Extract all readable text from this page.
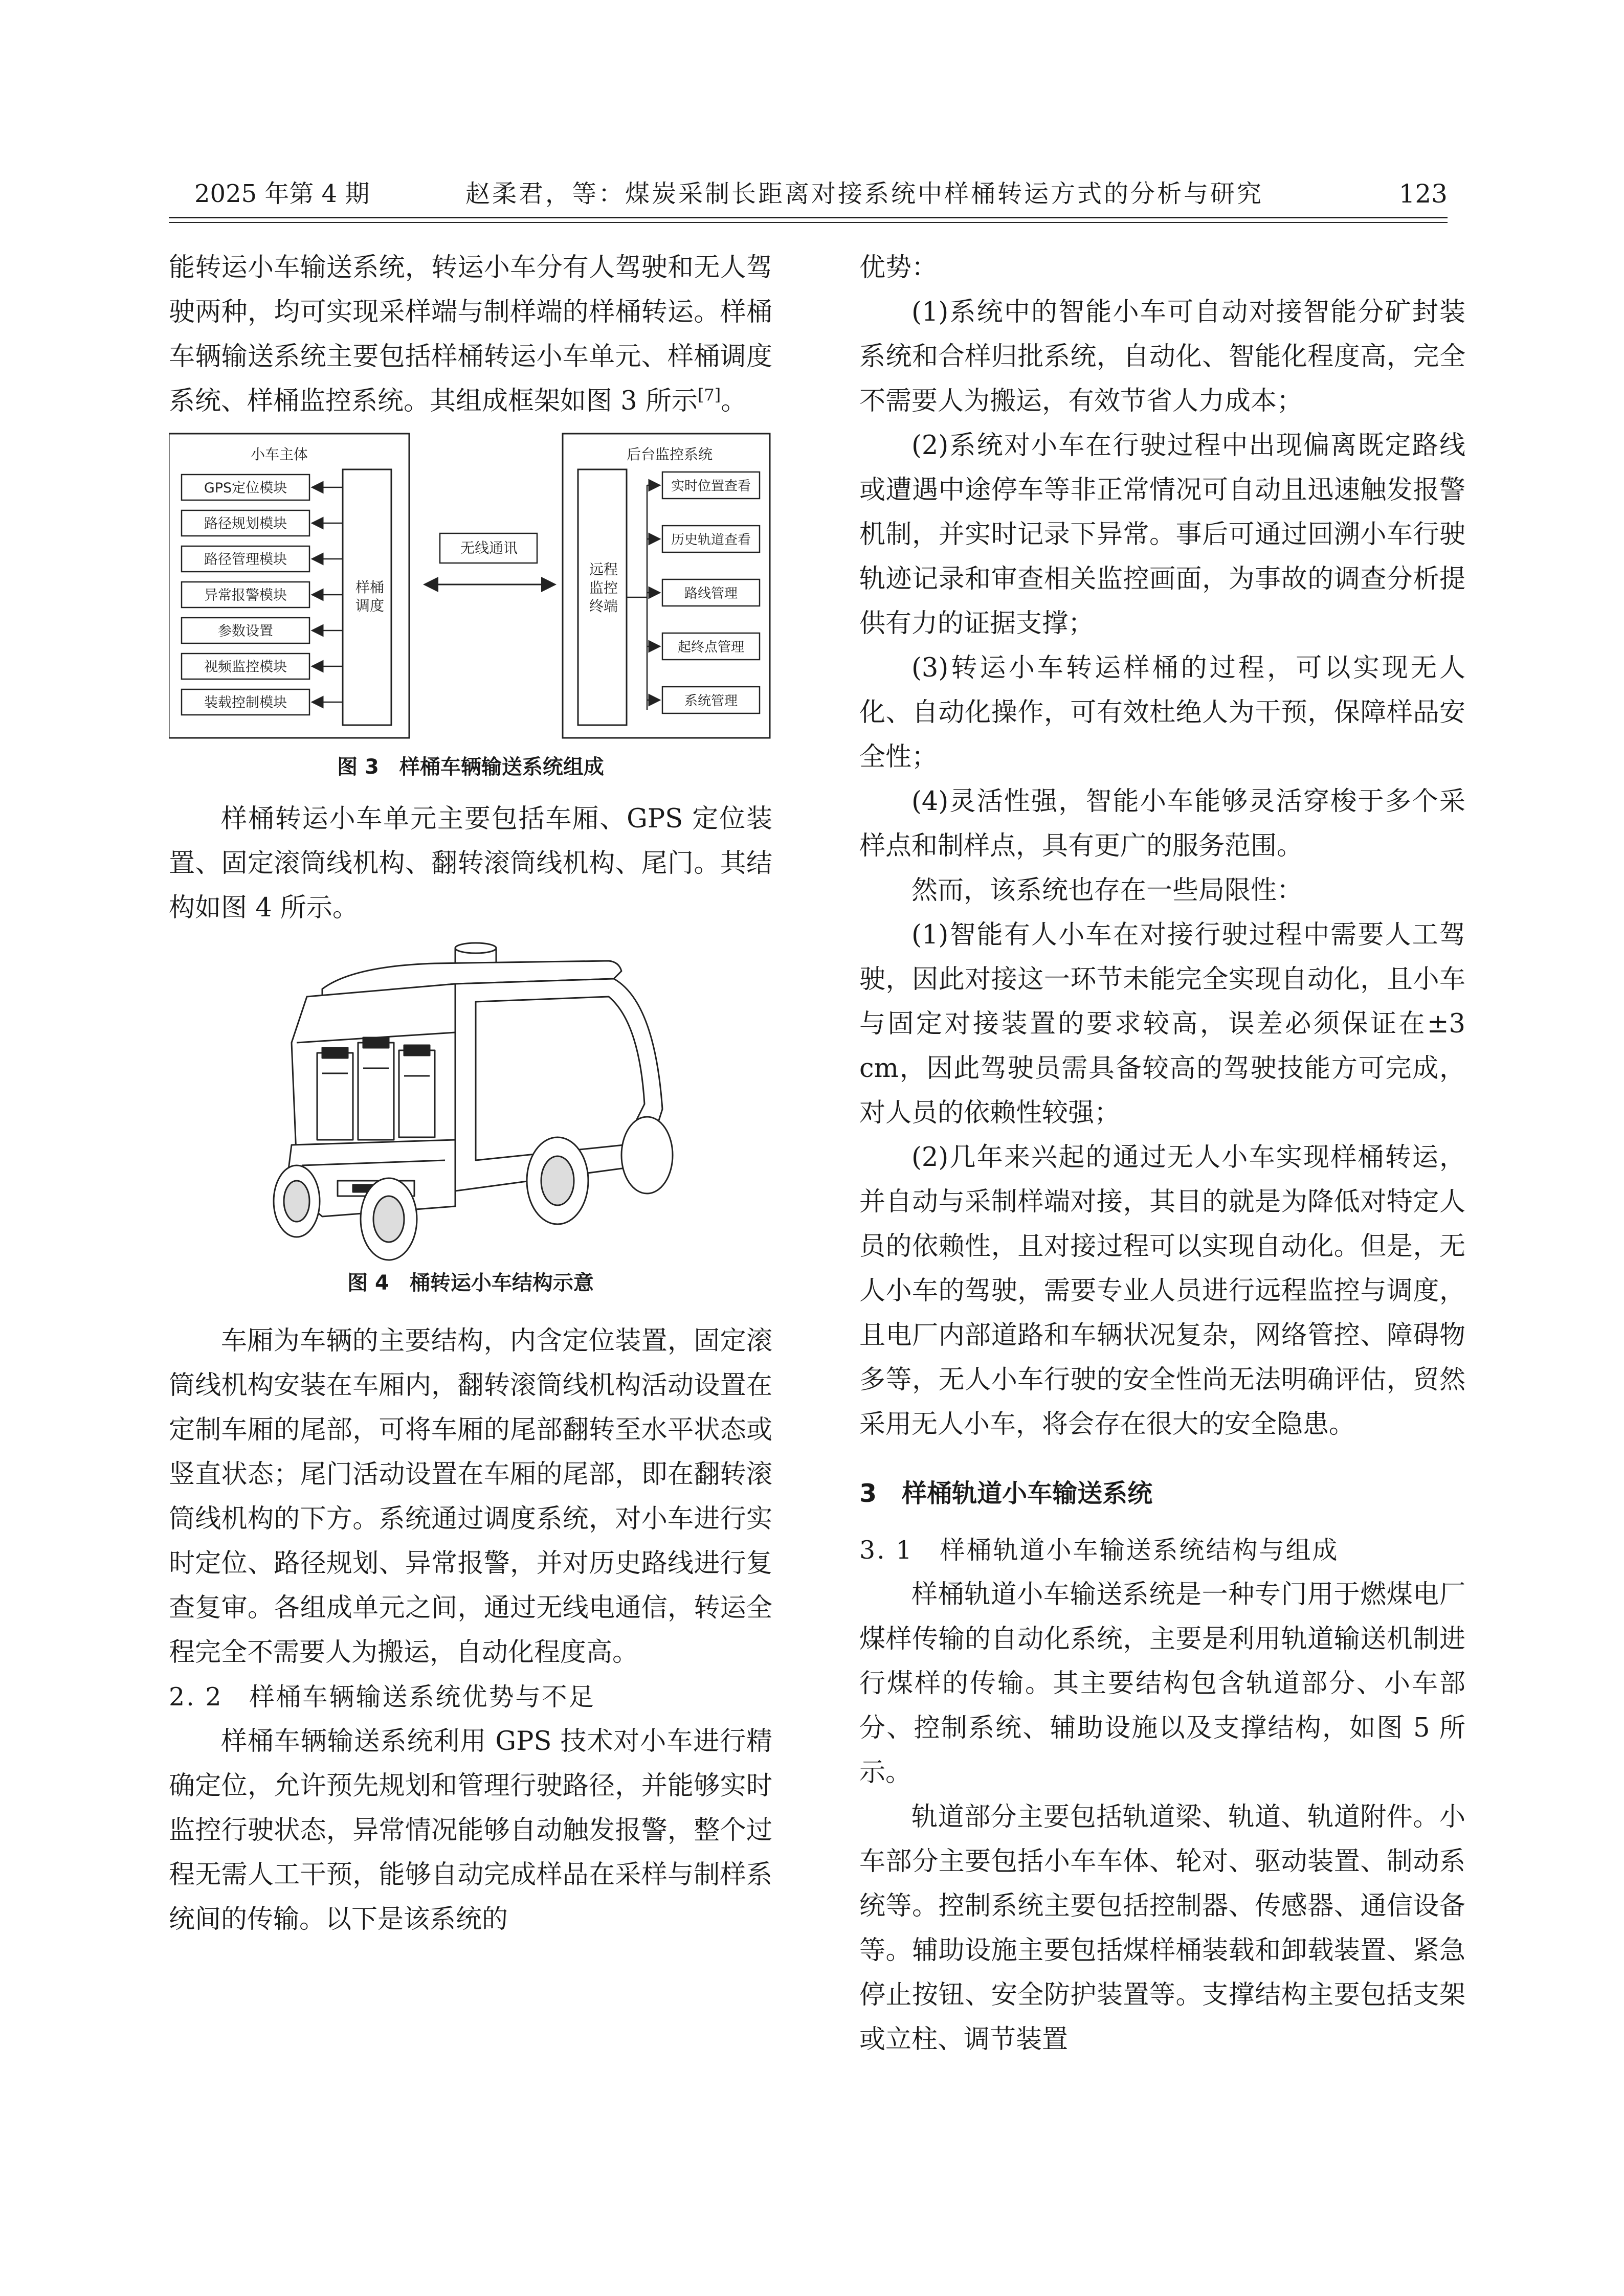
2025 年第 4 期	赵柔君，等：煤炭采制长距离对接系统中样桶转运方式的分析与研究	123

能转运小车输送系统，转运小车分有人驾驶和无人驾驶两种，均可实现采样端与制样端的样桶转运。样桶车辆输送系统主要包括样桶转运小车单元、样桶调度系统、样桶监控系统。其组成框架如图 3 所示[7]。

小车主体
GPS定位模块
路径规划模块
路径管理模块
异常报警模块
参数设置
视频监控模块
装载控制模块
样桶
调度
无线通讯
后台监控系统
远程
监控
终端
实时位置查看
历史轨道查看
路线管理
起终点管理
系统管理
图 3　样桶车辆输送系统组成

样桶转运小车单元主要包括车厢、GPS 定位装置、固定滚筒线机构、翻转滚筒线机构、尾门。其结构如图 4 所示。

图 4　桶转运小车结构示意

车厢为车辆的主要结构，内含定位装置，固定滚筒线机构安装在车厢内，翻转滚筒线机构活动设置在定制车厢的尾部，可将车厢的尾部翻转至水平状态或竖直状态；尾门活动设置在车厢的尾部，即在翻转滚筒线机构的下方。系统通过调度系统，对小车进行实时定位、路径规划、异常报警，并对历史路线进行复查复审。各组成单元之间，通过无线电通信，转运全程完全不需要人为搬运，自动化程度高。

2. 2　样桶车辆输送系统优势与不足

样桶车辆输送系统利用 GPS 技术对小车进行精确定位，允许预先规划和管理行驶路径，并能够实时监控行驶状态，异常情况能够自动触发报警，整个过程无需人工干预，能够自动完成样品在采样与制样系统间的传输。以下是该系统的

优势：

(1)系统中的智能小车可自动对接智能分矿封装系统和合样归批系统，自动化、智能化程度高，完全不需要人为搬运，有效节省人力成本；

(2)系统对小车在行驶过程中出现偏离既定路线或遭遇中途停车等非正常情况可自动且迅速触发报警机制，并实时记录下异常。事后可通过回溯小车行驶轨迹记录和审查相关监控画面，为事故的调查分析提供有力的证据支撑；

(3)转运小车转运样桶的过程，可以实现无人化、自动化操作，可有效杜绝人为干预，保障样品安全性；

(4)灵活性强，智能小车能够灵活穿梭于多个采样点和制样点，具有更广的服务范围。

然而，该系统也存在一些局限性：

(1)智能有人小车在对接行驶过程中需要人工驾驶，因此对接这一环节未能完全实现自动化，且小车与固定对接装置的要求较高，误差必须保证在±3 cm，因此驾驶员需具备较高的驾驶技能方可完成，对人员的依赖性较强；

(2)几年来兴起的通过无人小车实现样桶转运，并自动与采制样端对接，其目的就是为降低对特定人员的依赖性，且对接过程可以实现自动化。但是，无人小车的驾驶，需要专业人员进行远程监控与调度，且电厂内部道路和车辆状况复杂，网络管控、障碍物多等，无人小车行驶的安全性尚无法明确评估，贸然采用无人小车，将会存在很大的安全隐患。

3　样桶轨道小车输送系统

3. 1　样桶轨道小车输送系统结构与组成

样桶轨道小车输送系统是一种专门用于燃煤电厂煤样传输的自动化系统，主要是利用轨道输送机制进行煤样的传输。其主要结构包含轨道部分、小车部分、控制系统、辅助设施以及支撑结构，如图 5 所示。

轨道部分主要包括轨道梁、轨道、轨道附件。小车部分主要包括小车车体、轮对、驱动装置、制动系统等。控制系统主要包括控制器、传感器、通信设备等。辅助设施主要包括煤样桶装载和卸载装置、紧急停止按钮、安全防护装置等。支撑结构主要包括支架或立柱、调节装置
